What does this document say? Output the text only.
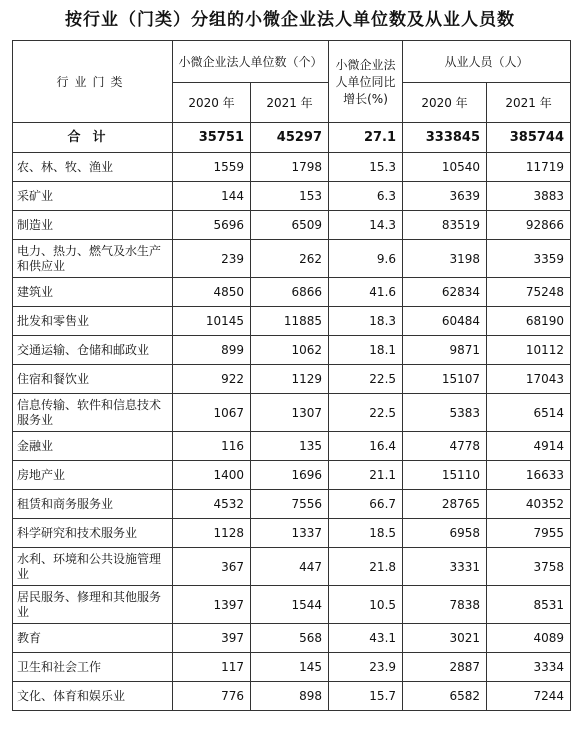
按行业（门类）分组的小微企业法人单位数及从业人员数
行业门类	小微企业法人单位数（个）		小微企业法人单位同比增长(%)	从业人员（人）	
	2020 年	2021 年		2020 年	2021 年
合计	35751	45297	27.1	333845	385744
农、林、牧、渔业	1559	1798	15.3	10540	11719
采矿业	144	153	6.3	3639	3883
制造业	5696	6509	14.3	83519	92866
电力、热力、燃气及水生产和供应业	239	262	9.6	3198	3359
建筑业	4850	6866	41.6	62834	75248
批发和零售业	10145	11885	18.3	60484	68190
交通运输、仓储和邮政业	899	1062	18.1	9871	10112
住宿和餐饮业	922	1129	22.5	15107	17043
信息传输、软件和信息技术服务业	1067	1307	22.5	5383	6514
金融业	116	135	16.4	4778	4914
房地产业	1400	1696	21.1	15110	16633
租赁和商务服务业	4532	7556	66.7	28765	40352
科学研究和技术服务业	1128	1337	18.5	6958	7955
水利、环境和公共设施管理业	367	447	21.8	3331	3758
居民服务、修理和其他服务业	1397	1544	10.5	7838	8531
教育	397	568	43.1	3021	4089
卫生和社会工作	117	145	23.9	2887	3334
文化、体育和娱乐业	776	898	15.7	6582	7244
